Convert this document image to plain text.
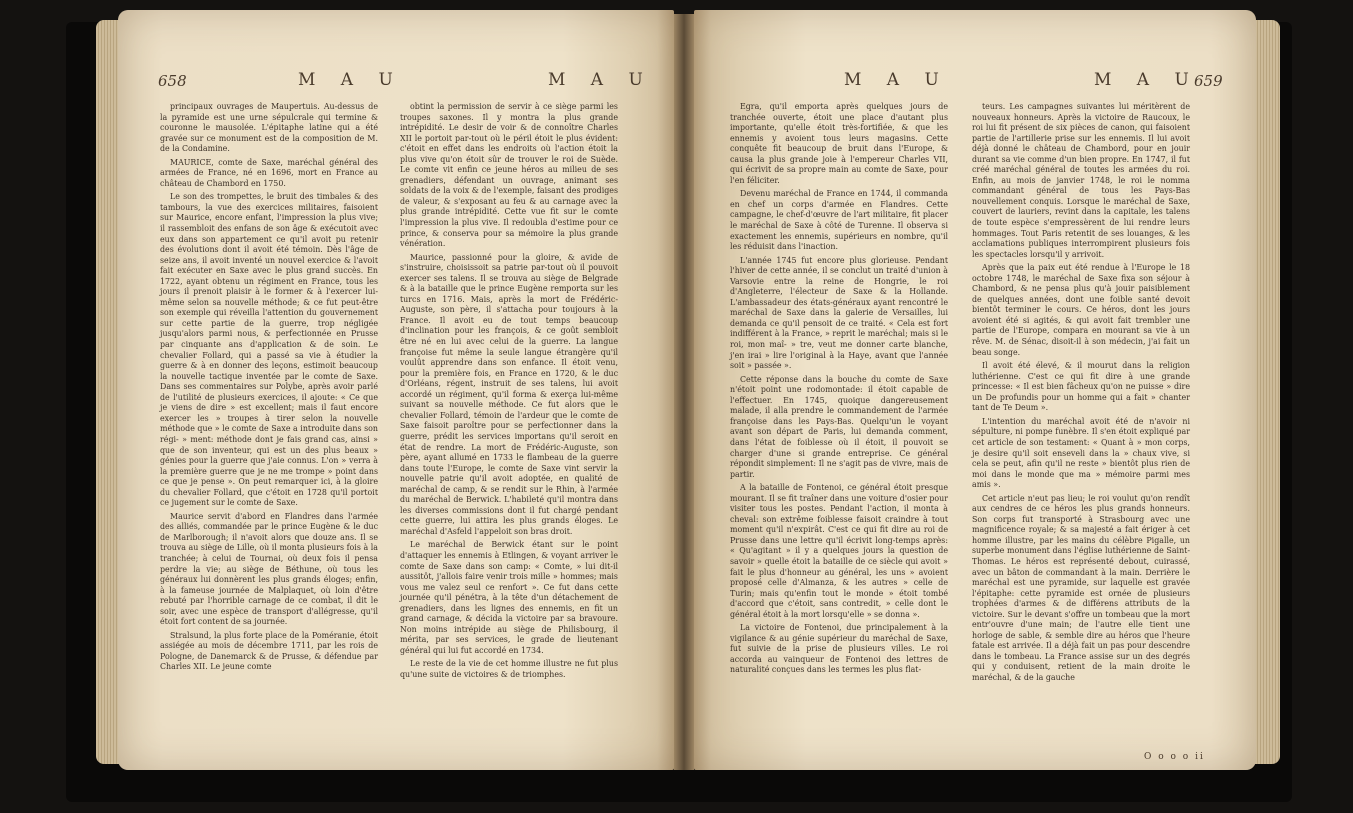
658	M A U	M A U

principaux ouvrages de Maupertuis. Au-dessus de la pyramide est une urne sépulcrale qui termine & couronne le mausolée. L'épitaphe latine qui a été gravée sur ce monument est de la composition de M. de la Condamine.

MAURICE, comte de Saxe, maréchal général des armées de France, né en 1696, mort en France au château de Chambord en 1750.

Le son des trompettes, le bruit des timbales & des tambours, la vue des exercices militaires, faisoient sur Maurice, encore enfant, l'impression la plus vive; il rassembloit des enfans de son âge & exécutoit avec eux dans son appartement ce qu'il avoit pu retenir des évolutions dont il avoit été témoin. Dès l'âge de seize ans, il avoit inventé un nouvel exercice & l'avoit fait exécuter en Saxe avec le plus grand succès. En 1722, ayant obtenu un régiment en France, tous les jours il prenoit plaisir à le former & à l'exercer lui-même selon sa nouvelle méthode; & ce fut peut-être son exemple qui réveilla l'attention du gouvernement sur cette partie de la guerre, trop négligée jusqu'alors parmi nous, & perfectionnée en Prusse par cinquante ans d'application & de soin. Le chevalier Follard, qui a passé sa vie à étudier la guerre & à en donner des leçons, estimoit beaucoup la nouvelle tactique inventée par le comte de Saxe. Dans ses commentaires sur Polybe, après avoir parlé de l'utilité de plusieurs exercices, il ajoute: « Ce que je viens de dire » est excellent; mais il faut encore exercer les » troupes à tirer selon la nouvelle méthode que » le comte de Saxe a introduite dans son régi- » ment: méthode dont je fais grand cas, ainsi » que de son inventeur, qui est un des plus beaux » génies pour la guerre que j'aie connus. L'on » verra à la première guerre que je ne me trompe » point dans ce que je pense ». On peut remarquer ici, à la gloire du chevalier Follard, que c'étoit en 1728 qu'il portoit ce jugement sur le comte de Saxe.

Maurice servit d'abord en Flandres dans l'armée des alliés, commandée par le prince Eugène & le duc de Marlborough; il n'avoit alors que douze ans. Il se trouva au siège de Lille, où il monta plusieurs fois à la tranchée; à celui de Tournai, où deux fois il pensa perdre la vie; au siège de Béthune, où tous les généraux lui donnèrent les plus grands éloges; enfin, à la fameuse journée de Malplaquet, où loin d'être rebuté par l'horrible carnage de ce combat, il dit le soir, avec une espèce de transport d'allégresse, qu'il étoit fort content de sa journée.

Stralsund, la plus forte place de la Poméranie, étoit assiégée au mois de décembre 1711, par les rois de Pologne, de Danemarck & de Prusse, & défendue par Charles XII. Le jeune comte

obtint la permission de servir à ce siège parmi les troupes saxones. Il y montra la plus grande intrépidité. Le desir de voir & de connoître Charles XII le portoit par-tout où le péril étoit le plus évident: c'étoit en effet dans les endroits où l'action étoit la plus vive qu'on étoit sûr de trouver le roi de Suède. Le comte vit enfin ce jeune héros au milieu de ses grenadiers, défendant un ouvrage, animant ses soldats de la voix & de l'exemple, faisant des prodiges de valeur, & s'exposant au feu & au carnage avec la plus grande intrépidité. Cette vue fit sur le comte l'impression la plus vive. Il redoubla d'estime pour ce prince, & conserva pour sa mémoire la plus grande vénération.

Maurice, passionné pour la gloire, & avide de s'instruire, choisissoit sa patrie par-tout où il pouvoit exercer ses talens. Il se trouva au siège de Belgrade & à la bataille que le prince Eugène remporta sur les turcs en 1716. Mais, après la mort de Frédéric-Auguste, son père, il s'attacha pour toujours à la France. Il avoit eu de tout temps beaucoup d'inclination pour les françois, & ce goût sembloit être né en lui avec celui de la guerre. La langue françoise fut même la seule langue étrangère qu'il voulût apprendre dans son enfance. Il étoit venu, pour la première fois, en France en 1720, & le duc d'Orléans, régent, instruit de ses talens, lui avoit accordé un régiment, qu'il forma & exerça lui-même suivant sa nouvelle méthode. Ce fut alors que le chevalier Follard, témoin de l'ardeur que le comte de Saxe faisoit paroître pour se perfectionner dans la guerre, prédit les services importans qu'il seroit en état de rendre. La mort de Frédéric-Auguste, son père, ayant allumé en 1733 le flambeau de la guerre dans toute l'Europe, le comte de Saxe vint servir la nouvelle patrie qu'il avoit adoptée, en qualité de maréchal de camp, & se rendit sur le Rhin, à l'armée du maréchal de Berwick. L'habileté qu'il montra dans les diverses commissions dont il fut chargé pendant cette guerre, lui attira les plus grands éloges. Le maréchal d'Asfeld l'appeloit son bras droit.

Le maréchal de Berwick étant sur le point d'attaquer les ennemis à Etlingen, & voyant arriver le comte de Saxe dans son camp: « Comte, » lui dit-il aussitôt, j'allois faire venir trois mille » hommes; mais vous me valez seul ce renfort ». Ce fut dans cette journée qu'il pénétra, à la tête d'un détachement de grenadiers, dans les lignes des ennemis, en fit un grand carnage, & décida la victoire par sa bravoure. Non moins intrépide au siège de Philisbourg, il mérita, par ses services, le grade de lieutenant général qui lui fut accordé en 1734.

Le reste de la vie de cet homme illustre ne fut plus qu'une suite de victoires & de triomphes.

M A U	M A U
659

Egra, qu'il emporta après quelques jours de tranchée ouverte, étoit une place d'autant plus importante, qu'elle étoit très-fortifiée, & que les ennemis y avoient tous leurs magasins. Cette conquête fit beaucoup de bruit dans l'Europe, & causa la plus grande joie à l'empereur Charles VII, qui écrivit de sa propre main au comte de Saxe, pour l'en féliciter.

Devenu maréchal de France en 1744, il commanda en chef un corps d'armée en Flandres. Cette campagne, le chef-d'œuvre de l'art militaire, fit placer le maréchal de Saxe à côté de Turenne. Il observa si exactement les ennemis, supérieurs en nombre, qu'il les réduisit dans l'inaction.

L'année 1745 fut encore plus glorieuse. Pendant l'hiver de cette année, il se conclut un traité d'union à Varsovie entre la reine de Hongrie, le roi d'Angleterre, l'électeur de Saxe & la Hollande. L'ambassadeur des états-généraux ayant rencontré le maréchal de Saxe dans la galerie de Versailles, lui demanda ce qu'il pensoit de ce traité. « Cela est fort indifférent à la France, » reprit le maréchal; mais si le roi, mon maî- » tre, veut me donner carte blanche, j'en irai » lire l'original à la Haye, avant que l'année soit » passée ».

Cette réponse dans la bouche du comte de Saxe n'étoit point une rodomontade: il étoit capable de l'effectuer. En 1745, quoique dangereusement malade, il alla prendre le commandement de l'armée françoise dans les Pays-Bas. Quelqu'un le voyant avant son départ de Paris, lui demanda comment, dans l'état de foiblesse où il étoit, il pouvoit se charger d'une si grande entreprise. Ce général répondit simplement: Il ne s'agit pas de vivre, mais de partir.

A la bataille de Fontenoi, ce général étoit presque mourant. Il se fit traîner dans une voiture d'osier pour visiter tous les postes. Pendant l'action, il monta à cheval: son extrême foiblesse faisoit craindre à tout moment qu'il n'expirât. C'est ce qui fit dire au roi de Prusse dans une lettre qu'il écrivit long-temps après: « Qu'agitant » il y a quelques jours la question de savoir » quelle étoit la bataille de ce siècle qui avoit » fait le plus d'honneur au général, les uns » avoient proposé celle d'Almanza, & les autres » celle de Turin; mais qu'enfin tout le monde » étoit tombé d'accord que c'étoit, sans contredit, » celle dont le général étoit à la mort lorsqu'elle » se donna ».

La victoire de Fontenoi, due principalement à la vigilance & au génie supérieur du maréchal de Saxe, fut suivie de la prise de plusieurs villes. Le roi accorda au vainqueur de Fontenoi des lettres de naturalité conçues dans les termes les plus flat-

teurs. Les campagnes suivantes lui méritèrent de nouveaux honneurs. Après la victoire de Raucoux, le roi lui fit présent de six pièces de canon, qui faisoient partie de l'artillerie prise sur les ennemis. Il lui avoit déjà donné le château de Chambord, pour en jouir durant sa vie comme d'un bien propre. En 1747, il fut créé maréchal général de toutes les armées du roi. Enfin, au mois de janvier 1748, le roi le nomma commandant général de tous les Pays-Bas nouvellement conquis. Lorsque le maréchal de Saxe, couvert de lauriers, revint dans la capitale, les talens de toute espèce s'empressèrent de lui rendre leurs hommages. Tout Paris retentit de ses louanges, & les acclamations publiques interrompirent plusieurs fois les spectacles lorsqu'il y arrivoit.

Après que la paix eut été rendue à l'Europe le 18 octobre 1748, le maréchal de Saxe fixa son séjour à Chambord, & ne pensa plus qu'à jouir paisiblement de quelques années, dont une foible santé devoit bientôt terminer le cours. Ce héros, dont les jours avoient été si agités, & qui avoit fait trembler une partie de l'Europe, compara en mourant sa vie à un rêve. M. de Sénac, disoit-il à son médecin, j'ai fait un beau songe.

Il avoit été élevé, & il mourut dans la religion luthérienne. C'est ce qui fit dire à une grande princesse: « Il est bien fâcheux qu'on ne puisse » dire un De profundis pour un homme qui a fait » chanter tant de Te Deum ».

L'intention du maréchal avoit été de n'avoir ni sépulture, ni pompe funèbre. Il s'en étoit expliqué par cet article de son testament: « Quant à » mon corps, je desire qu'il soit enseveli dans la » chaux vive, si cela se peut, afin qu'il ne reste » bientôt plus rien de moi dans le monde que ma » mémoire parmi mes amis ».

Cet article n'eut pas lieu; le roi voulut qu'on rendît aux cendres de ce héros les plus grands honneurs. Son corps fut transporté à Strasbourg avec une magnificence royale; & sa majesté a fait ériger à cet homme illustre, par les mains du célèbre Pigalle, un superbe monument dans l'église luthérienne de Saint-Thomas. Le héros est représenté debout, cuirassé, avec un bâton de commandant à la main. Derrière le maréchal est une pyramide, sur laquelle est gravée l'épitaphe: cette pyramide est ornée de plusieurs trophées d'armes & de différens attributs de la victoire. Sur le devant s'offre un tombeau que la mort entr'ouvre d'une main; de l'autre elle tient une horloge de sable, & semble dire au héros que l'heure fatale est arrivée. Il a déjà fait un pas pour descendre dans le tombeau. La France assise sur un des degrés qui y conduisent, retient de la main droite le maréchal, & de la gauche

O o o o ii
